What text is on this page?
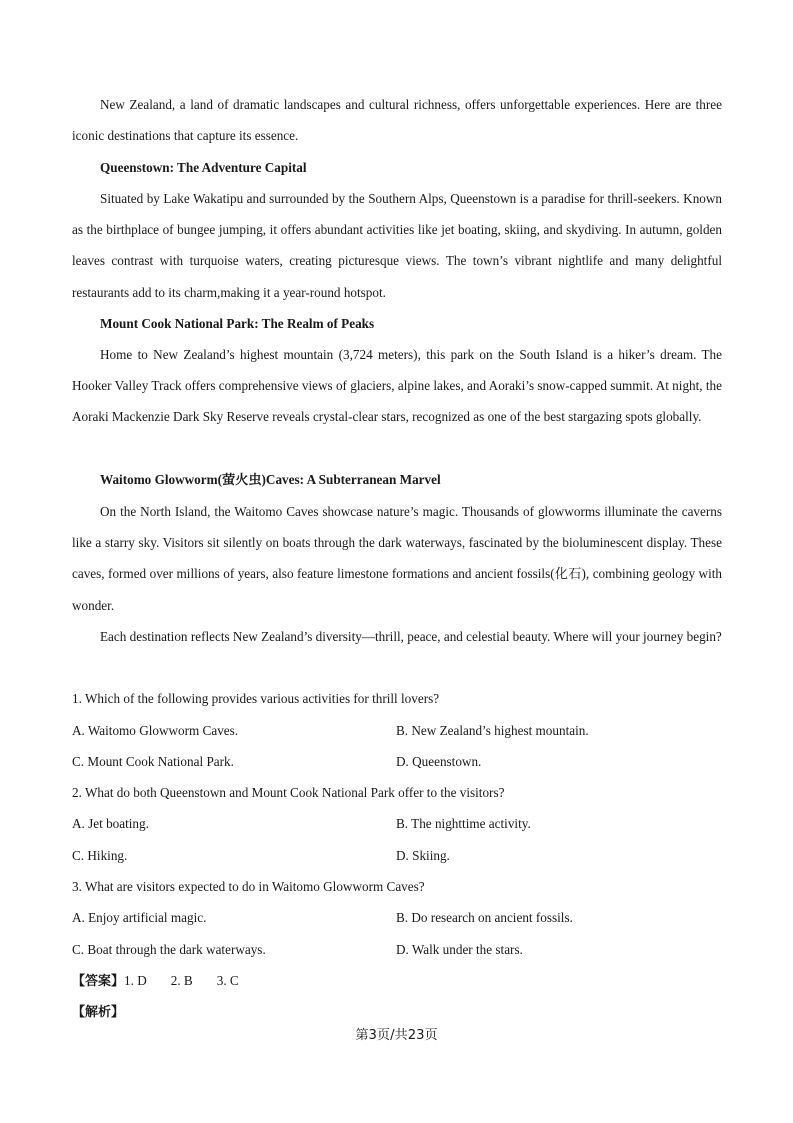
New Zealand, a land of dramatic landscapes and cultural richness, offers unforgettable experiences. Here are three iconic destinations that capture its essence.

Queenstown: The Adventure Capital

Situated by Lake Wakatipu and surrounded by the Southern Alps, Queenstown is a paradise for thrill-seekers. Known as the birthplace of bungee jumping, it offers abundant activities like jet boating, skiing, and skydiving. In autumn, golden leaves contrast with turquoise waters, creating picturesque views. The town’s vibrant nightlife and many delightful restaurants add to its charm,making it a year-round hotspot.

Mount Cook National Park: The Realm of Peaks

Home to New Zealand’s highest mountain (3,724 meters), this park on the South Island is a hiker’s dream. The Hooker Valley Track offers comprehensive views of glaciers, alpine lakes, and Aoraki’s snow-capped summit. At night, the Aoraki Mackenzie Dark Sky Reserve reveals crystal-clear stars, recognized as one of the best stargazing spots globally.

Waitomo Glowworm(萤火虫)Caves: A Subterranean Marvel

On the North Island, the Waitomo Caves showcase nature’s magic. Thousands of glowworms illuminate the caverns like a starry sky. Visitors sit silently on boats through the dark waterways, fascinated by the bioluminescent display. These caves, formed over millions of years, also feature limestone formations and ancient fossils(化石), combining geology with wonder.

Each destination reflects New Zealand’s diversity—thrill, peace, and celestial beauty. Where will your journey begin?

1. Which of the following provides various activities for thrill lovers?

A. Waitomo Glowworm Caves.	B. New Zealand’s highest mountain.

C. Mount Cook National Park.	D. Queenstown.

2. What do both Queenstown and Mount Cook National Park offer to the visitors?

A. Jet boating.	B. The nighttime activity.

C. Hiking.	D. Skiing.

3. What are visitors expected to do in Waitomo Glowworm Caves?

A. Enjoy artificial magic.	B. Do research on ancient fossils.

C. Boat through the dark waterways.	D. Walk under the stars.

【答案】1. D 2. B 3. C

【解析】

第3页/共23页
